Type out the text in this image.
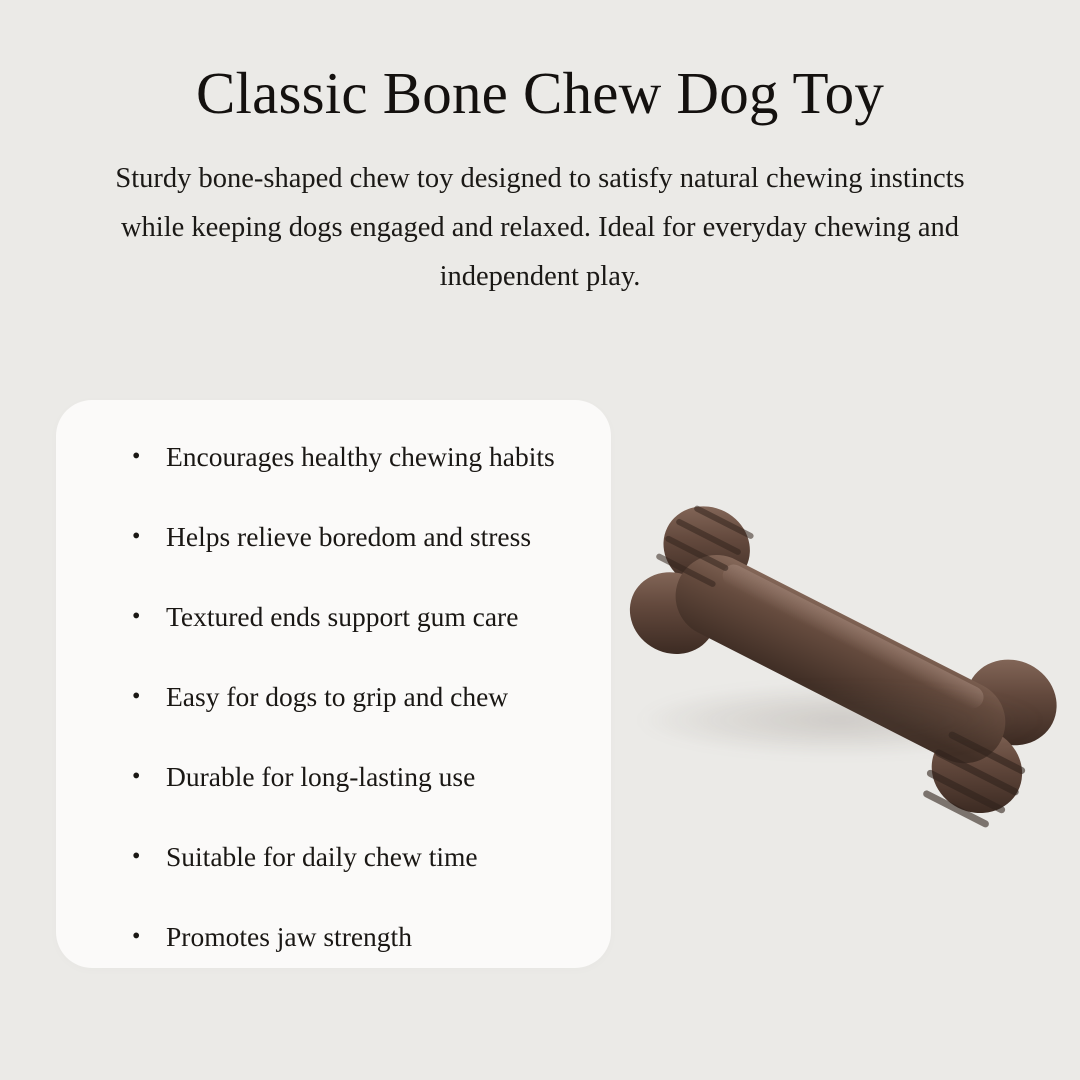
Classic Bone Chew Dog Toy

Sturdy bone-shaped chew toy designed to satisfy natural chewing instincts while keeping dogs engaged and relaxed. Ideal for everyday chewing and independent play.

• Encourages healthy chewing habits
• Helps relieve boredom and stress
• Textured ends support gum care
• Easy for dogs to grip and chew
• Durable for long-lasting use
• Suitable for daily chew time
• Promotes jaw strength
